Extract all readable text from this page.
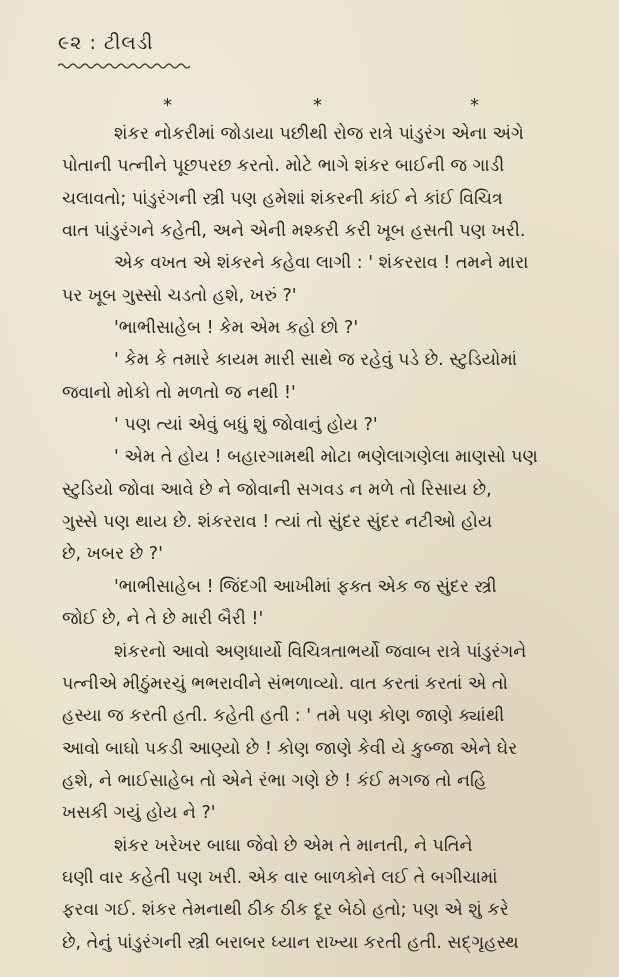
૯૨ : ટીલડી
*	*	*
શંકર નોકરીમાં જોડાયા પછીથી રોજ રાત્રે પાંડુરંગ એના અંગે
પોતાની પત્નીને પૂછપરછ કરતો. મોટે ભાગે શંકર બાઈની જ ગાડી
ચલાવતો; પાંડુરંગની સ્ત્રી પણ હમેશાં શંકરની કાંઈ ને કાંઈ વિચિત્ર
વાત પાંડુરંગને કહેતી, અને એની મશ્કરી કરી ખૂબ હસતી પણ ખરી.
એક વખત એ શંકરને કહેવા લાગી : ' શંકરરાવ ! તમને મારા
પર ખૂબ ગુસ્સો ચડતો હશે, ખરું ?'
'ભાભીસાહેબ ! કેમ એમ કહો છો ?'
' કેમ કે તમારે કાયમ મારી સાથે જ રહેવું પડે છે. સ્ટુડિયોમાં
જવાનો મોકો તો મળતો જ નથી !'
' પણ ત્યાં એવું બધું શું જોવાનું હોય ?'
' એમ તે હોય ! બહારગામથી મોટા ભણેલાગણેલા માણસો પણ
સ્ટુડિયો જોવા આવે છે ને જોવાની સગવડ ન મળે તો રિસાય છે,
ગુસ્સે પણ થાય છે. શંકરરાવ ! ત્યાં તો સુંદર સુંદર નટીઓ હોય
છે, ખબર છે ?'
'ભાભીસાહેબ ! જિંદગી આખીમાં ફક્ત એક જ સુંદર સ્ત્રી
જોઈ છે, ને તે છે મારી બૈરી !'
શંકરનો આવો અણધાર્યો વિચિત્રતાભર્યો જવાબ રાત્રે પાંડુરંગને
પત્નીએ મીઠુંમરચું ભભરાવીને સંભળાવ્યો. વાત કરતાં કરતાં એ તો
હસ્યા જ કરતી હતી. કહેતી હતી : ' તમે પણ કોણ જાણે ક્યાંથી
આવો બાઘો પકડી આણ્યો છે ! કોણ જાણે કેવી યે કુબ્જા એને ઘેર
હશે, ને ભાઈસાહેબ તો એને રંભા ગણે છે ! કંઈ મગજ તો નહિ
ખસકી ગયું હોય ને ?'
શંકર ખરેખર બાઘા જેવો છે એમ તે માનતી, ને પતિને
ઘણી વાર કહેતી પણ ખરી. એક વાર બાળકોને લઈ તે બગીચામાં
ફરવા ગઈ. શંકર તેમનાથી ઠીક ઠીક દૂર બેઠો હતો; પણ એ શું કરે
છે, તેનું પાંડુરંગની સ્ત્રી બરાબર ધ્યાન રાખ્યા કરતી હતી. સદ્ગૃહસ્થ
